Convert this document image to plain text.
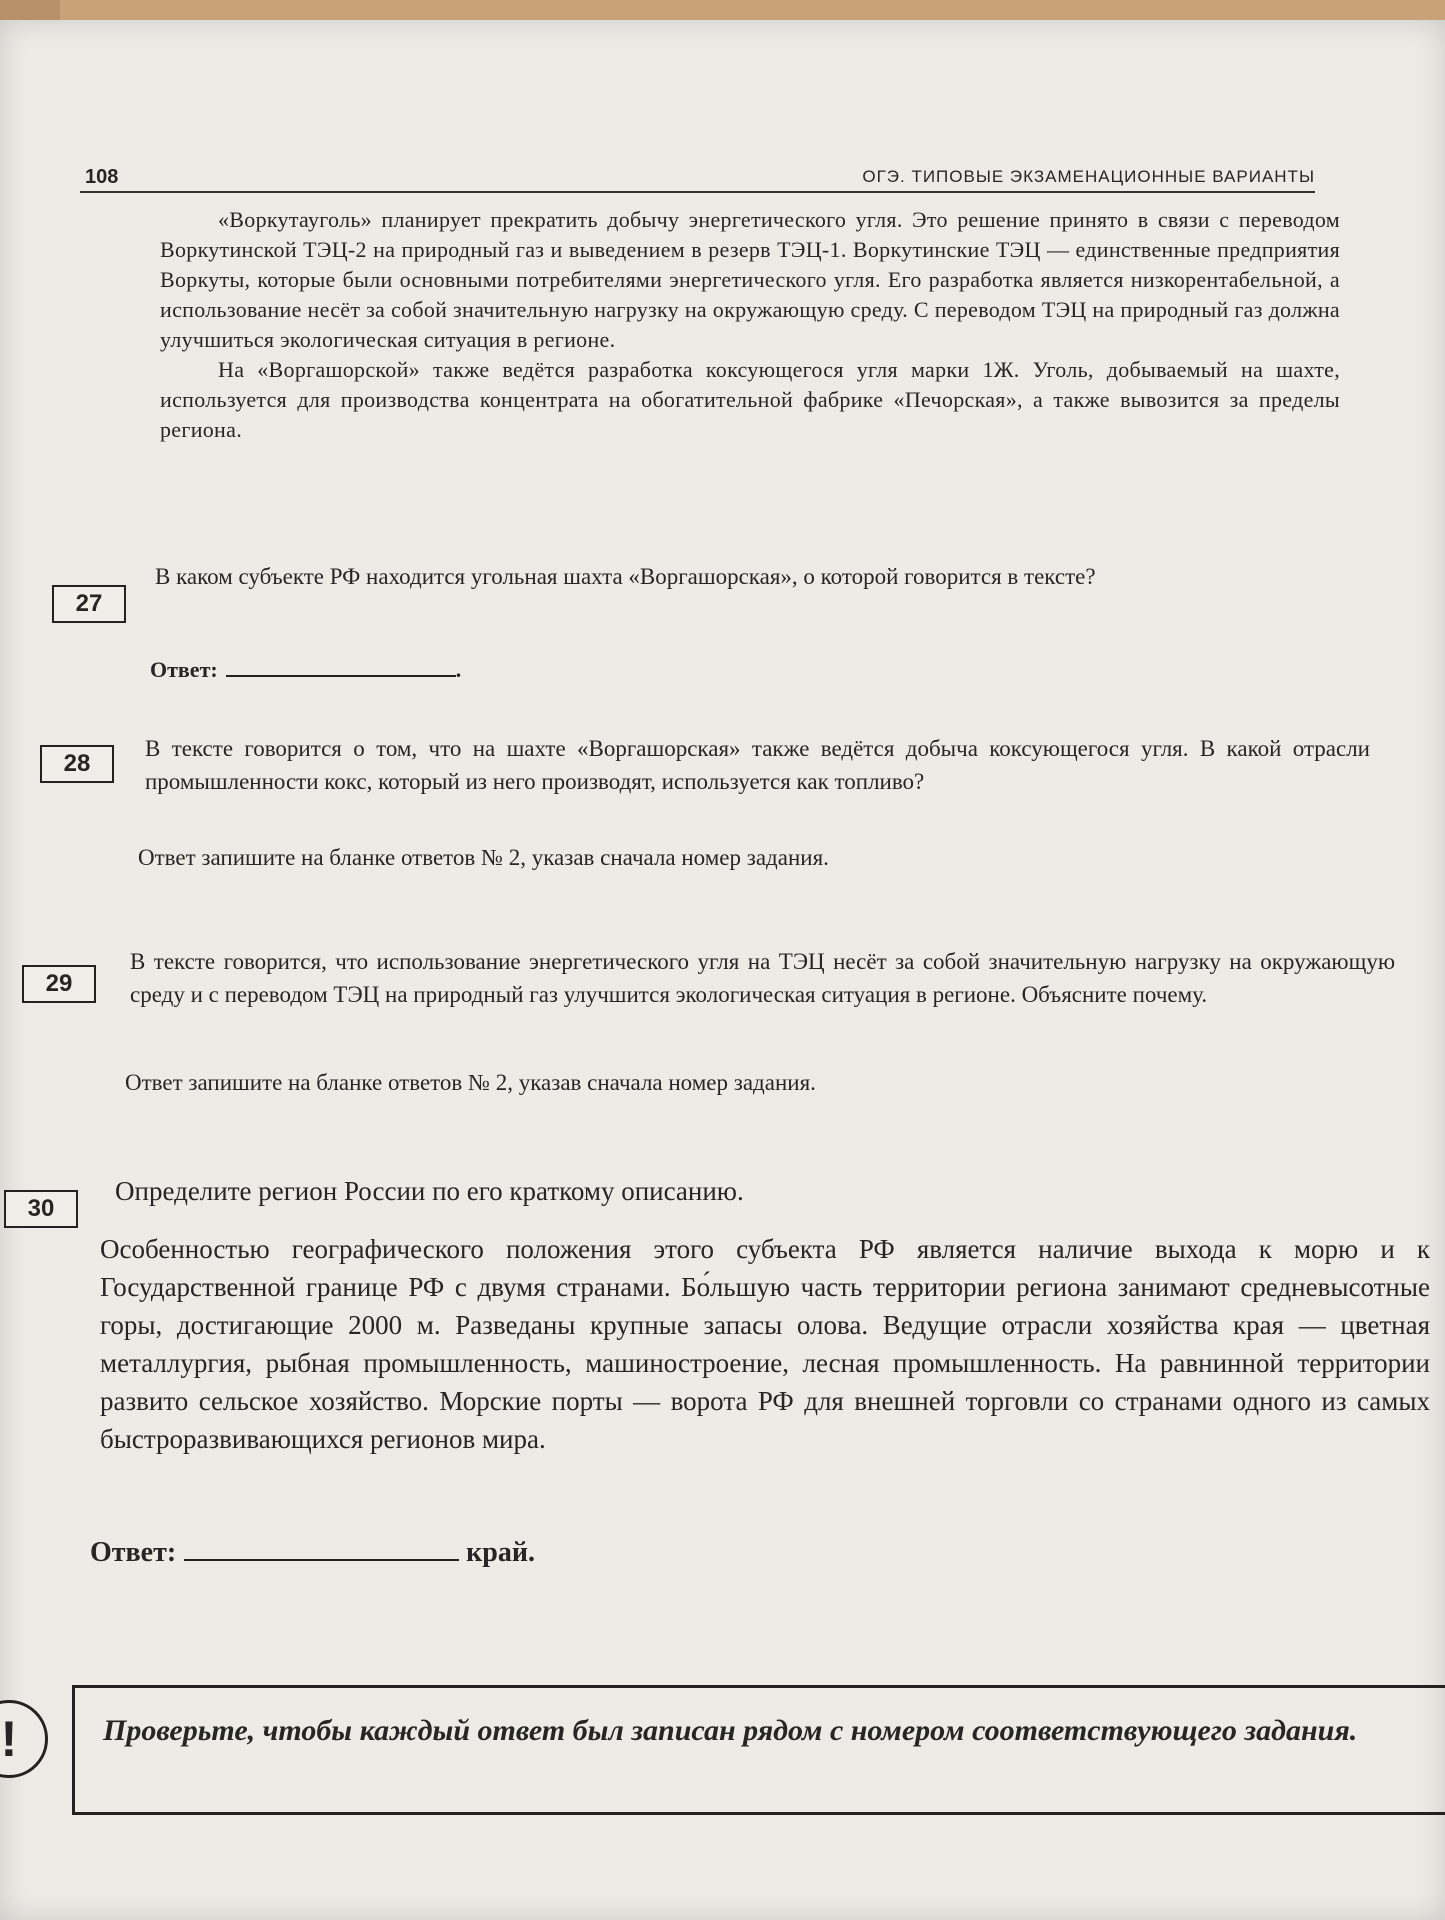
108	ОГЭ. ТИПОВЫЕ ЭКЗАМЕНАЦИОННЫЕ ВАРИАНТЫ

«Воркутауголь» планирует прекратить добычу энергетического угля. Это решение принято в связи с переводом Воркутинской ТЭЦ-2 на природный газ и выведением в резерв ТЭЦ-1. Воркутинские ТЭЦ — единственные предприятия Воркуты, которые были основными потребителями энергетического угля. Его разработка является низкорентабельной, а использование несёт за собой значительную нагрузку на окружающую среду. С переводом ТЭЦ на природный газ должна улучшиться экологическая ситуация в регионе.

На «Воргашорской» также ведётся разработка коксующегося угля марки 1Ж. Уголь, добываемый на шахте, используется для производства концентрата на обогатительной фабрике «Печорская», а также вывозится за пределы региона.

27
В каком субъекте РФ находится угольная шахта «Воргашорская», о которой говорится в тексте?
Ответ:	.
28
В тексте говорится о том, что на шахте «Воргашорская» также ведётся добыча коксующегося угля. В какой отрасли промышленности кокс, который из него производят, используется как топливо?
Ответ запишите на бланке ответов № 2, указав сначала номер задания.
29
В тексте говорится, что использование энергетического угля на ТЭЦ несёт за собой значительную нагрузку на окружающую среду и с переводом ТЭЦ на природный газ улучшится экологическая ситуация в регионе. Объясните почему.
Ответ запишите на бланке ответов № 2, указав сначала номер задания.
30
Определите регион России по его краткому описанию.
Особенностью географического положения этого субъекта РФ является наличие выхода к морю и к Государственной границе РФ с двумя странами. Бо́льшую часть территории региона занимают средневысотные горы, достигающие 2000 м. Разведаны крупные запасы олова. Ведущие отрасли хозяйства края — цветная металлургия, рыбная промышленность, машиностроение, лесная промышленность. На равнинной территории развито сельское хозяйство. Морские порты — ворота РФ для внешней торговли со странами одного из самых быстроразвивающихся регионов мира.
Ответ:	край.
Проверьте, чтобы каждый ответ был записан рядом с номером соответствующего задания.
!
